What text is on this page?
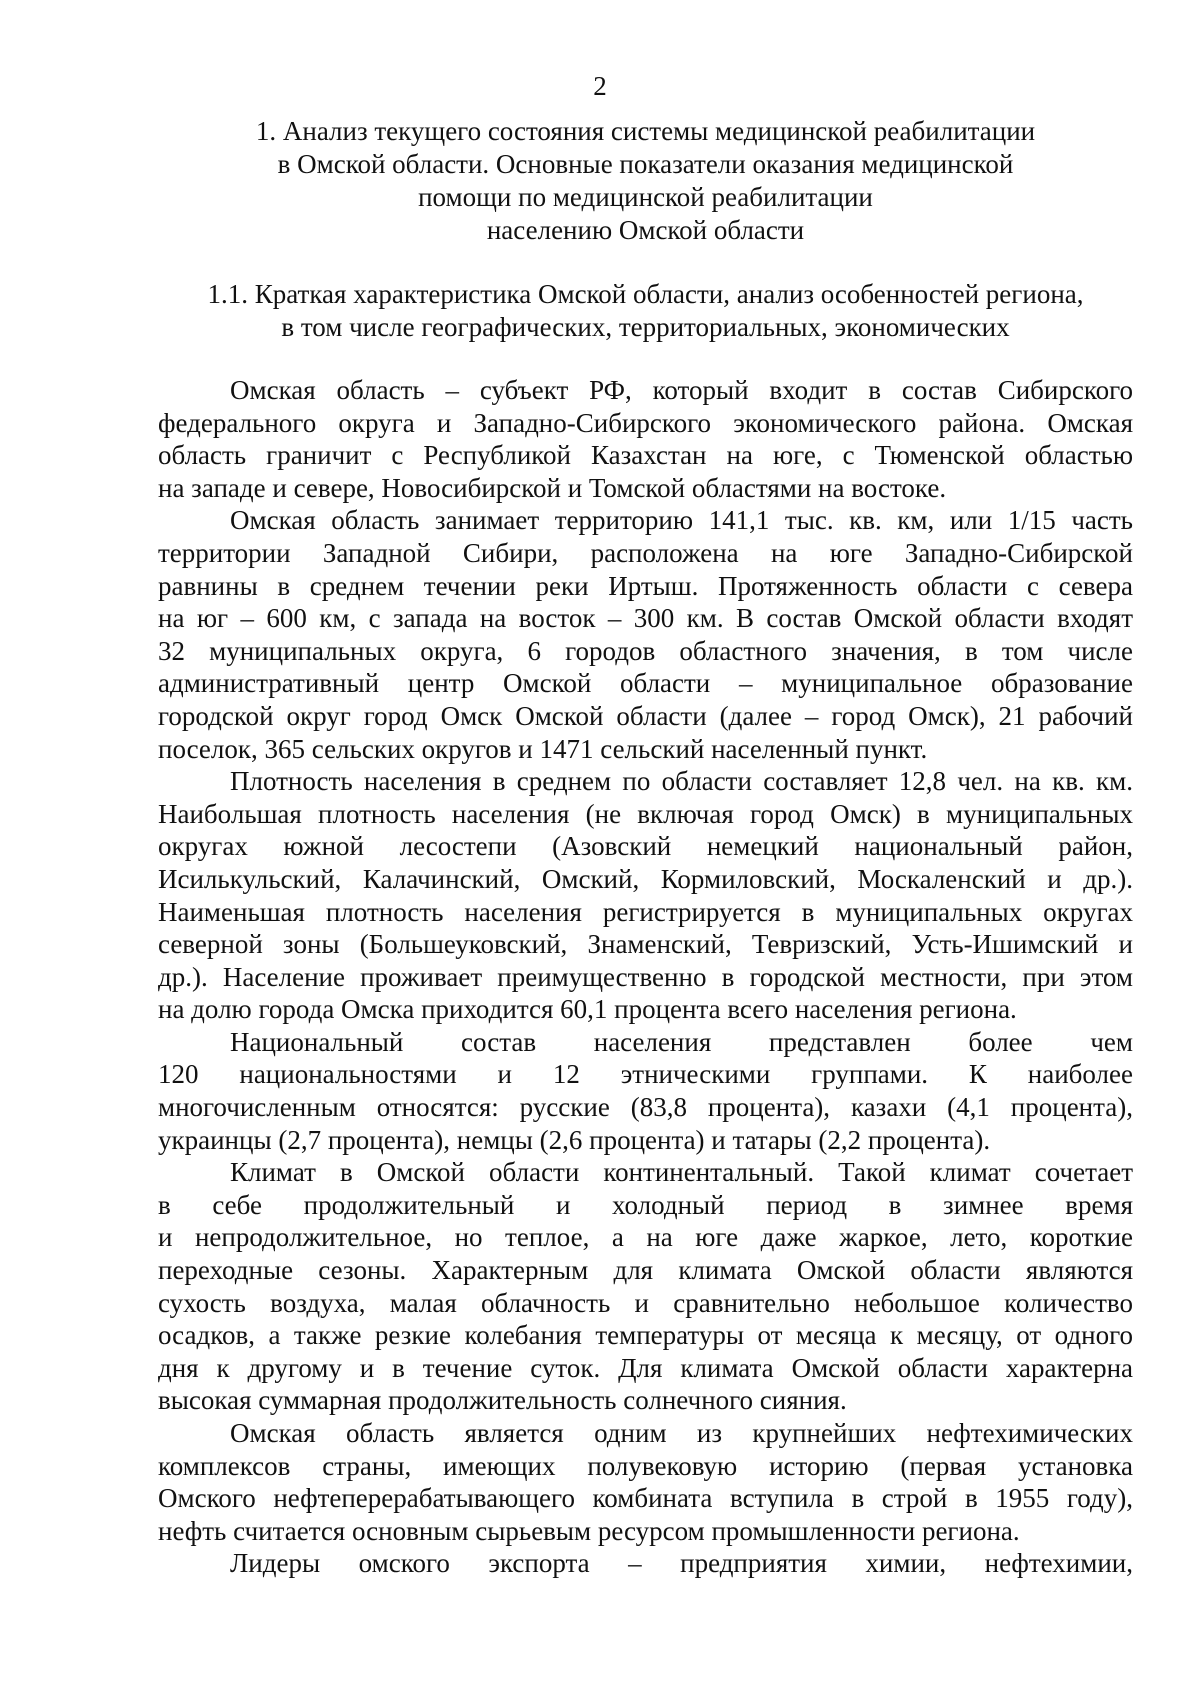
2
1. Анализ текущего состояния системы медицинской реабилитации
в Омской области. Основные показатели оказания медицинской
помощи по медицинской реабилитации
населению Омской области
1.1. Краткая характеристика Омской области, анализ особенностей региона,
в том числе географических, территориальных, экономических
Омская область – субъект РФ, который входит в состав Сибирского
федерального округа и Западно-Сибирского экономического района. Омская
область граничит с Республикой Казахстан на юге, с Тюменской областью
на западе и севере, Новосибирской и Томской областями на востоке.
Омская область занимает территорию 141,1 тыс. кв. км, или 1/15 часть
территории Западной Сибири, расположена на юге Западно-Сибирской
равнины в среднем течении реки Иртыш. Протяженность области с севера
на юг – 600 км, с запада на восток – 300 км. В состав Омской области входят
32 муниципальных округа, 6 городов областного значения, в том числе
административный центр Омской области – муниципальное образование
городской округ город Омск Омской области (далее – город Омск), 21 рабочий
поселок, 365 сельских округов и 1471 сельский населенный пункт.
Плотность населения в среднем по области составляет 12,8 чел. на кв. км.
Наибольшая плотность населения (не включая город Омск) в муниципальных
округах южной лесостепи (Азовский немецкий национальный район,
Исилькульский, Калачинский, Омский, Кормиловский, Москаленский и др.).
Наименьшая плотность населения регистрируется в муниципальных округах
северной зоны (Большеуковский, Знаменский, Тевризский, Усть-Ишимский и
др.). Население проживает преимущественно в городской местности, при этом
на долю города Омска приходится 60,1 процента всего населения региона.
Национальный состав населения представлен более чем
120 национальностями и 12 этническими группами. К наиболее
многочисленным относятся: русские (83,8 процента), казахи (4,1 процента),
украинцы (2,7 процента), немцы (2,6 процента) и татары (2,2 процента).
Климат в Омской области континентальный. Такой климат сочетает
в себе продолжительный и холодный период в зимнее время
и непродолжительное, но теплое, а на юге даже жаркое, лето, короткие
переходные сезоны. Характерным для климата Омской области являются
сухость воздуха, малая облачность и сравнительно небольшое количество
осадков, а также резкие колебания температуры от месяца к месяцу, от одного
дня к другому и в течение суток. Для климата Омской области характерна
высокая суммарная продолжительность солнечного сияния.
Омская область является одним из крупнейших нефтехимических
комплексов страны, имеющих полувековую историю (первая установка
Омского нефтеперерабатывающего комбината вступила в строй в 1955 году),
нефть считается основным сырьевым ресурсом промышленности региона.
Лидеры омского экспорта – предприятия химии, нефтехимии,
